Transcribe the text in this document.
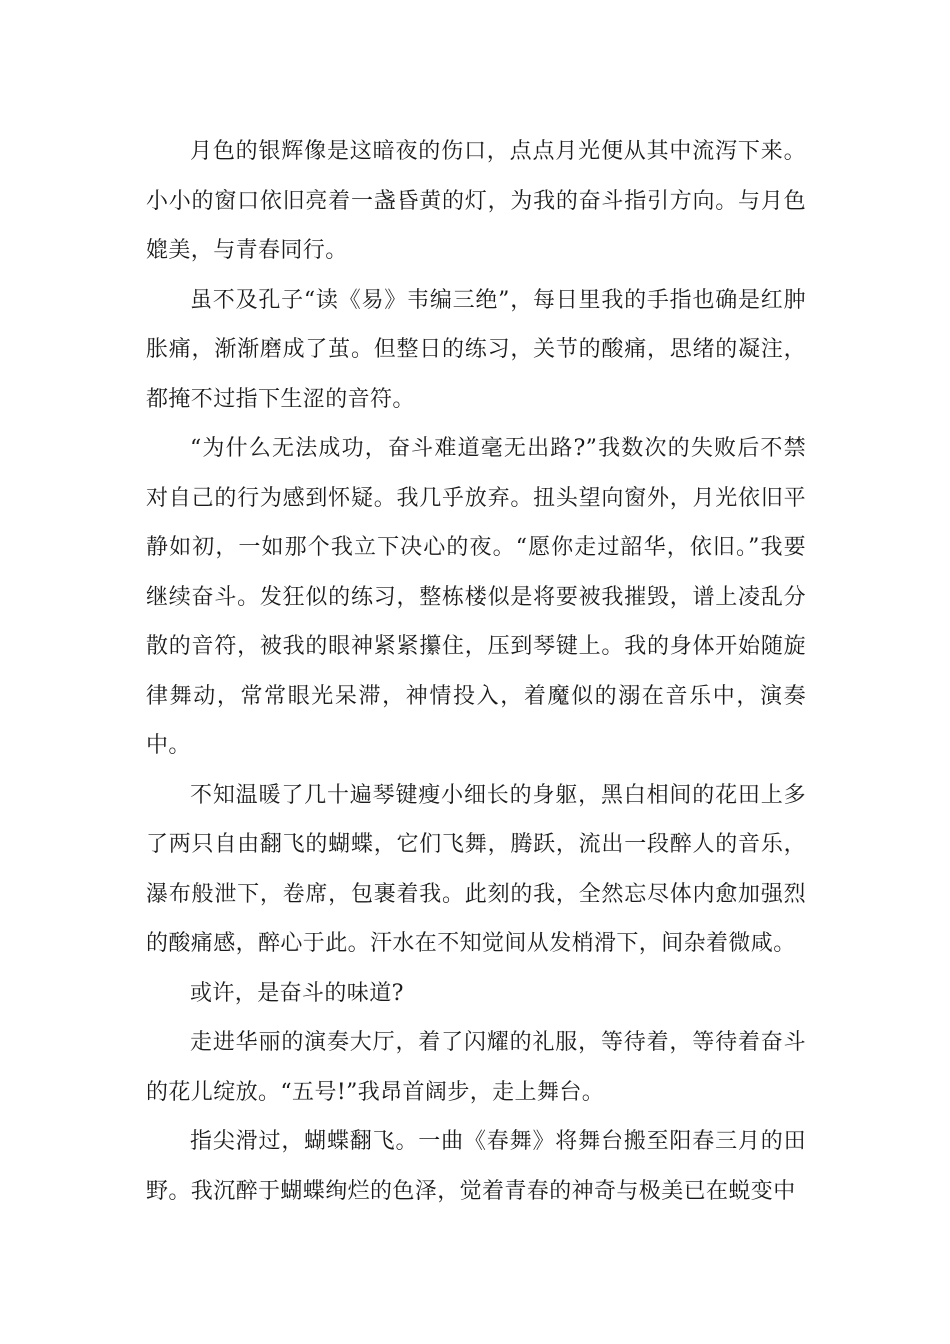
月色的银辉像是这暗夜的伤口，点点月光便从其中流泻下来。小小的窗口依旧亮着一盏昏黄的灯，为我的奋斗指引方向。与月色媲美，与青春同行。

虽不及孔子“读《易》韦编三绝”，每日里我的手指也确是红肿胀痛，渐渐磨成了茧。但整日的练习，关节的酸痛，思绪的凝注，都掩不过指下生涩的音符。

“为什么无法成功，奋斗难道毫无出路?”我数次的失败后不禁对自己的行为感到怀疑。我几乎放弃。扭头望向窗外，月光依旧平静如初，一如那个我立下决心的夜。“愿你走过韶华，依旧。”我要继续奋斗。发狂似的练习，整栋楼似是将要被我摧毁，谱上凌乱分散的音符，被我的眼神紧紧攥住，压到琴键上。我的身体开始随旋律舞动，常常眼光呆滞，神情投入，着魔似的溺在音乐中，演奏中。

不知温暖了几十遍琴键瘦小细长的身躯，黑白相间的花田上多了两只自由翻飞的蝴蝶，它们飞舞，腾跃，流出一段醉人的音乐，瀑布般泄下，卷席，包裹着我。此刻的我，全然忘尽体内愈加强烈的酸痛感，醉心于此。汗水在不知觉间从发梢滑下，间杂着微咸。

或许，是奋斗的味道?

走进华丽的演奏大厅，着了闪耀的礼服，等待着，等待着奋斗的花儿绽放。“五号!”我昂首阔步，走上舞台。

指尖滑过，蝴蝶翻飞。一曲《春舞》将舞台搬至阳春三月的田野。我沉醉于蝴蝶绚烂的色泽，觉着青春的神奇与极美已在蜕变中
